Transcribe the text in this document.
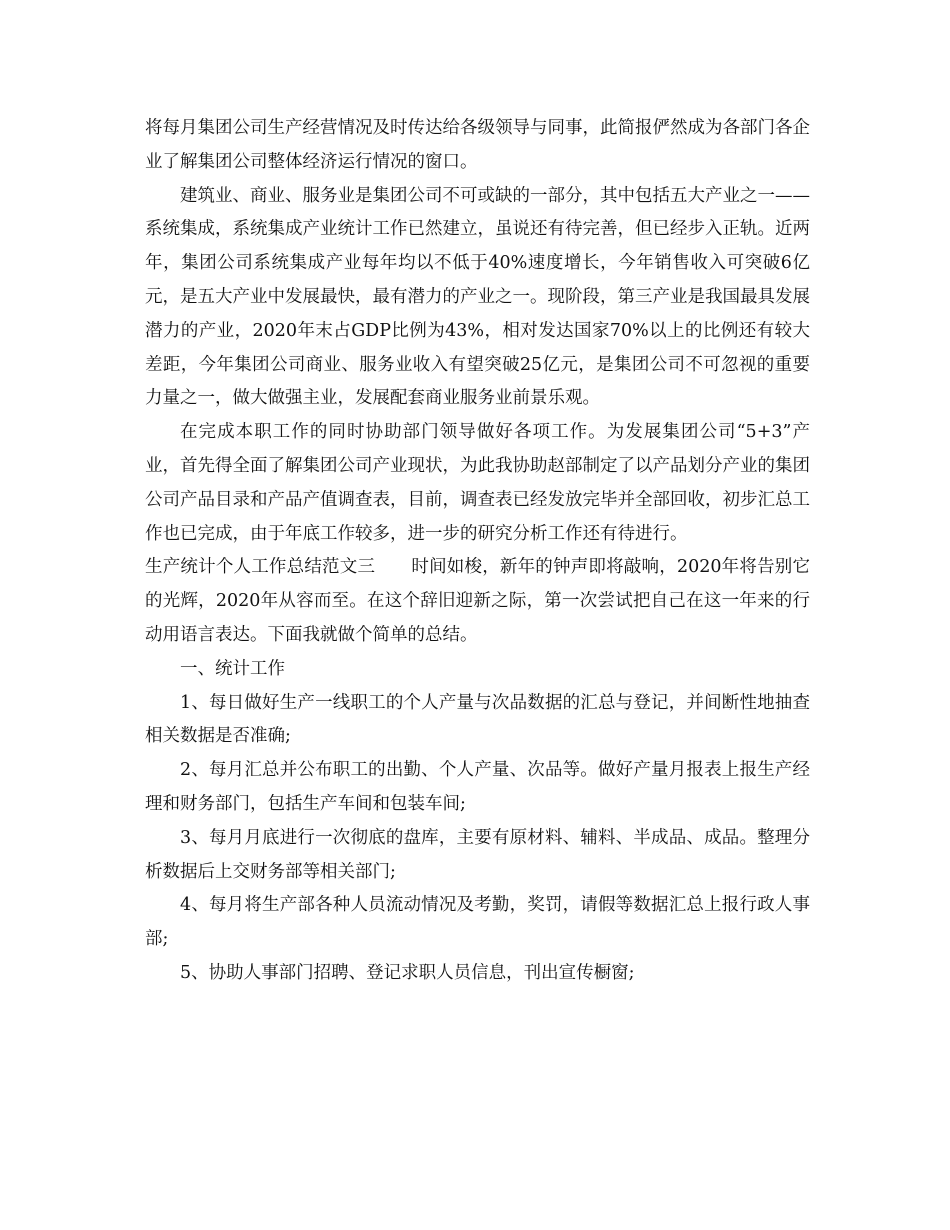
将每月集团公司生产经营情况及时传达给各级领导与同事，此简报俨然成为各部门各企业了解集团公司整体经济运行情况的窗口。

建筑业、商业、服务业是集团公司不可或缺的一部分，其中包括五大产业之一——系统集成，系统集成产业统计工作已然建立，虽说还有待完善，但已经步入正轨。近两年，集团公司系统集成产业每年均以不低于40%速度增长，今年销售收入可突破6亿元，是五大产业中发展最快，最有潜力的产业之一。现阶段，第三产业是我国最具发展潜力的产业，2020年末占GDP比例为43%，相对发达国家70%以上的比例还有较大差距，今年集团公司商业、服务业收入有望突破25亿元，是集团公司不可忽视的重要力量之一，做大做强主业，发展配套商业服务业前景乐观。

在完成本职工作的同时协助部门领导做好各项工作。为发展集团公司“5+3”产业，首先得全面了解集团公司产业现状，为此我协助赵部制定了以产品划分产业的集团公司产品目录和产品产值调查表，目前，调查表已经发放完毕并全部回收，初步汇总工作也已完成，由于年底工作较多，进一步的研究分析工作还有待进行。

生产统计个人工作总结范文三 时间如梭，新年的钟声即将敲响，2020年将告别它的光辉，2020年从容而至。在这个辞旧迎新之际，第一次尝试把自己在这一年来的行动用语言表达。下面我就做个简单的总结。

一、统计工作

1、每日做好生产一线职工的个人产量与次品数据的汇总与登记，并间断性地抽查相关数据是否准确;

2、每月汇总并公布职工的出勤、个人产量、次品等。做好产量月报表上报生产经理和财务部门，包括生产车间和包装车间;

3、每月月底进行一次彻底的盘库，主要有原材料、辅料、半成品、成品。整理分析数据后上交财务部等相关部门;

4、每月将生产部各种人员流动情况及考勤，奖罚，请假等数据汇总上报行政人事部;

5、协助人事部门招聘、登记求职人员信息，刊出宣传橱窗;
